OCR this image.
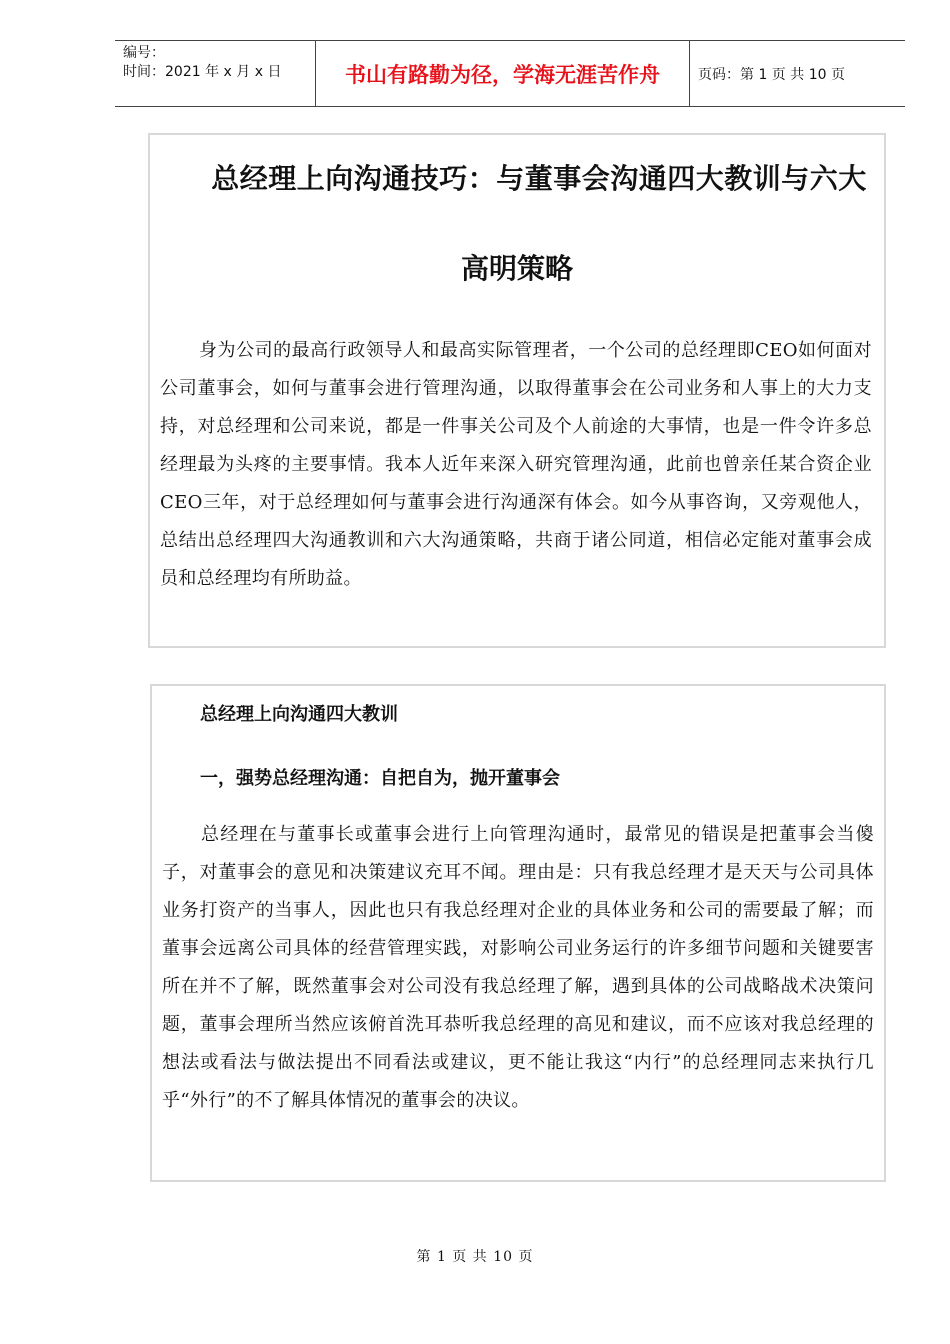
编号：
时间：2021 年 x 月 x 日	书山有路勤为径，学海无涯苦作舟	页码：第 1 页 共 10 页
总经理上向沟通技巧：与董事会沟通四大教训与六大
高明策略

身为公司的最高行政领导人和最高实际管理者，一个公司的总经理即CEO如何面对公司董事会，如何与董事会进行管理沟通，以取得董事会在公司业务和人事上的大力支持，对总经理和公司来说，都是一件事关公司及个人前途的大事情，也是一件令许多总经理最为头疼的主要事情。我本人近年来深入研究管理沟通，此前也曾亲任某合资企业CEO三年，对于总经理如何与董事会进行沟通深有体会。如今从事咨询，又旁观他人，总结出总经理四大沟通教训和六大沟通策略，共商于诸公同道，相信必定能对董事会成员和总经理均有所助益。

总经理上向沟通四大教训
一，强势总经理沟通：自把自为，抛开董事会

总经理在与董事长或董事会进行上向管理沟通时，最常见的错误是把董事会当傻子，对董事会的意见和决策建议充耳不闻。理由是：只有我总经理才是天天与公司具体业务打资产的当事人，因此也只有我总经理对企业的具体业务和公司的需要最了解；而董事会远离公司具体的经营管理实践，对影响公司业务运行的许多细节问题和关键要害所在并不了解，既然董事会对公司没有我总经理了解，遇到具体的公司战略战术决策问题，董事会理所当然应该俯首洗耳恭听我总经理的高见和建议，而不应该对我总经理的想法或看法与做法提出不同看法或建议，更不能让我这“内行”的总经理同志来执行几乎“外行”的不了解具体情况的董事会的决议。

第 1 页 共 10 页
